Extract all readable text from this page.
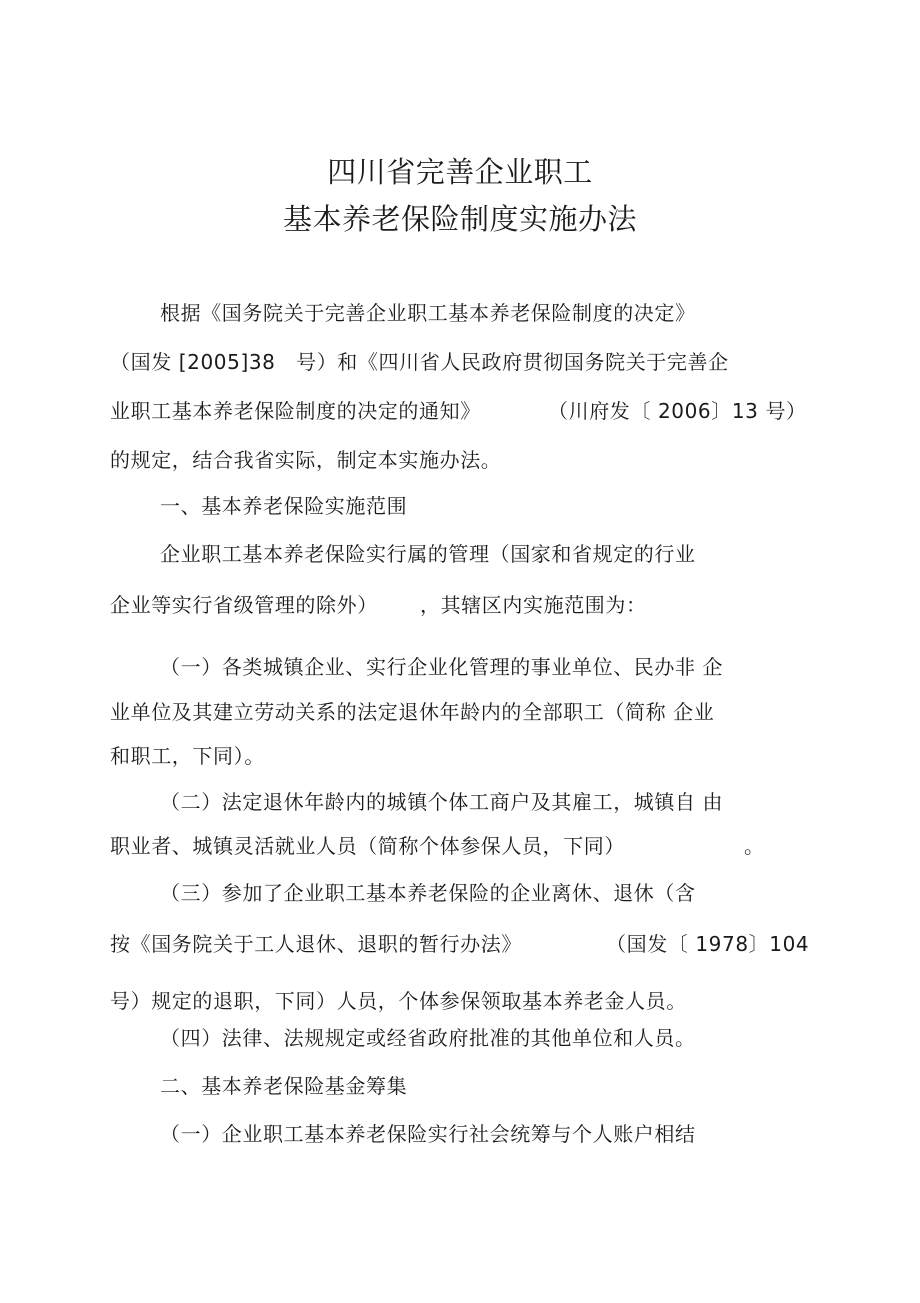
四川省完善企业职工
基本养老保险制度实施办法
根据《国务院关于完善企业职工基本养老保险制度的决定》
（国发 [2005]38　号）和《四川省人民政府贯彻国务院关于完善企
业职工基本养老保险制度的决定的通知》	（川府发〔 2006〕13 号）
的规定，结合我省实际，制定本实施办法。
一、基本养老保险实施范围
企业职工基本养老保险实行属的管理（国家和省规定的行业
企业等实行省级管理的除外） ，其辖区内实施范围为：
（一）各类城镇企业、实行企业化管理的事业单位、民办非 企
业单位及其建立劳动关系的法定退休年龄内的全部职工（简称 企业
和职工，下同）。
（二）法定退休年龄内的城镇个体工商户及其雇工，城镇自 由
职业者、城镇灵活就业人员（简称个体参保人员，下同）	。
（三）参加了企业职工基本养老保险的企业离休、退休（含
按《国务院关于工人退休、退职的暂行办法》	（国发〔 1978〕104
号）规定的退职，下同）人员，个体参保领取基本养老金人员。
（四）法律、法规规定或经省政府批准的其他单位和人员。
二、基本养老保险基金筹集
（一）企业职工基本养老保险实行社会统筹与个人账户相结
